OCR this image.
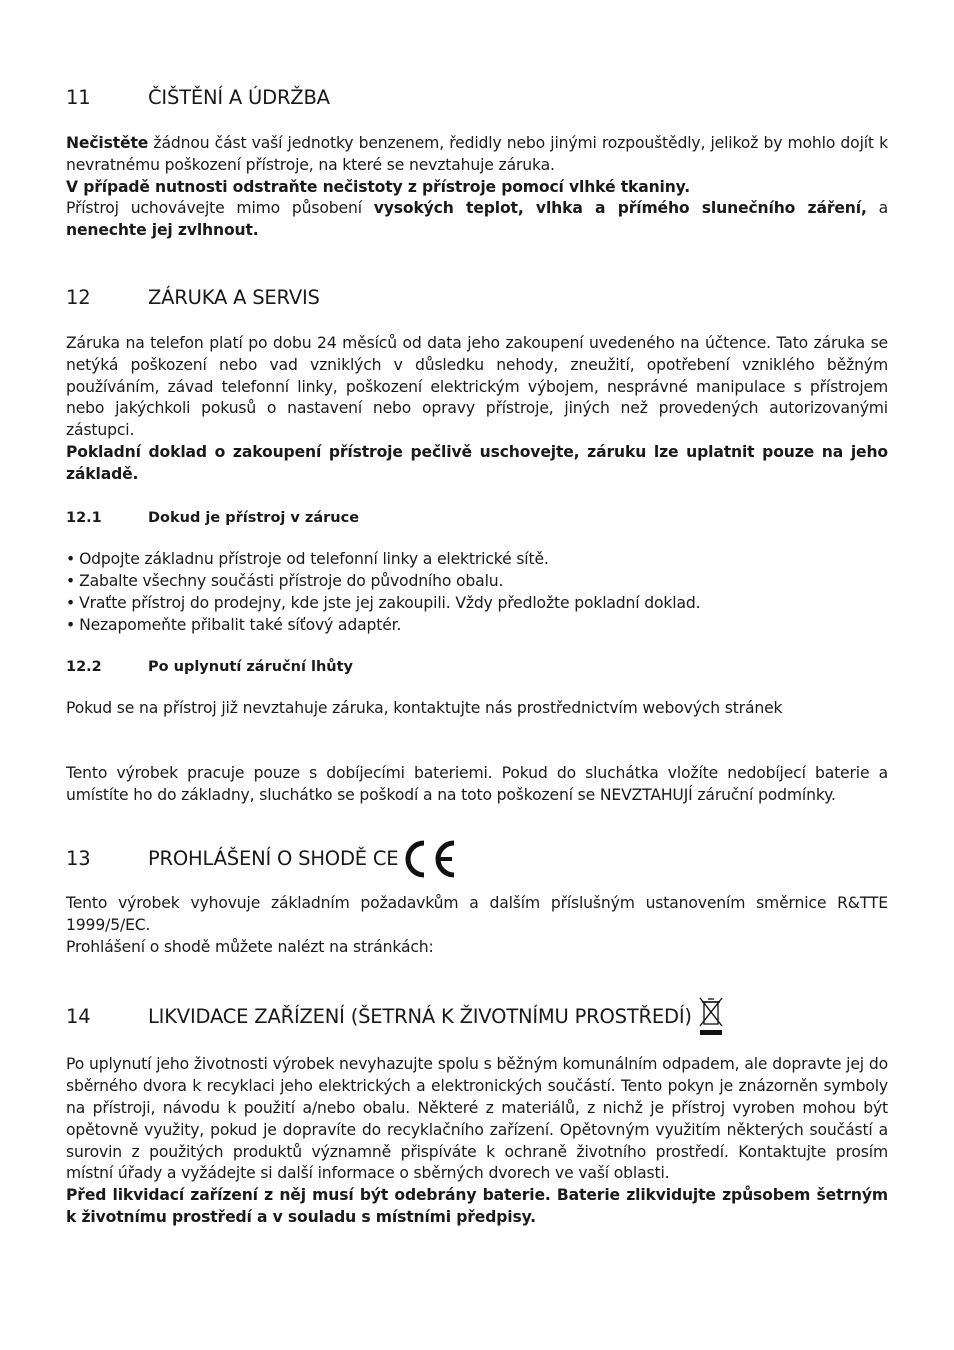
11	ČIŠTĚNÍ A ÚDRŽBA

Nečistěte žádnou část vaší jednotky benzenem, ředidly nebo jinými rozpouštědly, jelikož by mohlo dojít k nevratnému poškození přístroje, na které se nevztahuje záruka.

V případě nutnosti odstraňte nečistoty z přístroje pomocí vlhké tkaniny.

Přístroj uchovávejte mimo působení vysokých teplot, vlhka a přímého slunečního záření, a nenechte jej zvlhnout.

12	ZÁRUKA A SERVIS

Záruka na telefon platí po dobu 24 měsíců od data jeho zakoupení uvedeného na účtence. Tato záruka se netýká poškození nebo vad vzniklých v důsledku nehody, zneužití, opotřebení vzniklého běžným používáním, závad telefonní linky, poškození elektrickým výbojem, nesprávné manipulace s přístrojem nebo jakýchkoli pokusů o nastavení nebo opravy přístroje, jiných než provedených autorizovanými zástupci.

Pokladní doklad o zakoupení přístroje pečlivě uschovejte, záruku lze uplatnit pouze na jeho základě.

12.1	Dokud je přístroj v záruce
• Odpojte základnu přístroje od telefonní linky a elektrické sítě.
• Zabalte všechny součásti přístroje do původního obalu.
• Vraťte přístroj do prodejny, kde jste jej zakoupili. Vždy předložte pokladní doklad.
• Nezapomeňte přibalit také síťový adaptér.
12.2	Po uplynutí záruční lhůty

Pokud se na přístroj již nevztahuje záruka, kontaktujte nás prostřednictvím webových stránek

Tento výrobek pracuje pouze s dobíjecími bateriemi. Pokud do sluchátka vložíte nedobíjecí baterie a umístíte ho do základny, sluchátko se poškodí a na toto poškození se NEVZTAHUJÍ záruční podmínky.

13	PROHLÁŠENÍ O SHODĚ CE

Tento výrobek vyhovuje základním požadavkům a dalším příslušným ustanovením směrnice R&TTE 1999/5/EC.

Prohlášení o shodě můžete nalézt na stránkách:

14	LIKVIDACE ZAŘÍZENÍ (ŠETRNÁ K ŽIVOTNÍMU PROSTŘEDÍ)

Po uplynutí jeho životnosti výrobek nevyhazujte spolu s běžným komunálním odpadem, ale dopravte jej do sběrného dvora k recyklaci jeho elektrických a elektronických součástí. Tento pokyn je znázorněn symboly na přístroji, návodu k použití a/nebo obalu. Některé z materiálů, z nichž je přístroj vyroben mohou být opětovně využity, pokud je dopravíte do recyklačního zařízení. Opětovným využitím některých součástí a surovin z použitých produktů významně přispíváte k ochraně životního prostředí. Kontaktujte prosím místní úřady a vyžádejte si další informace o sběrných dvorech ve vaší oblasti.

Před likvidací zařízení z něj musí být odebrány baterie. Baterie zlikvidujte způsobem šetrným k životnímu prostředí a v souladu s místními předpisy.
